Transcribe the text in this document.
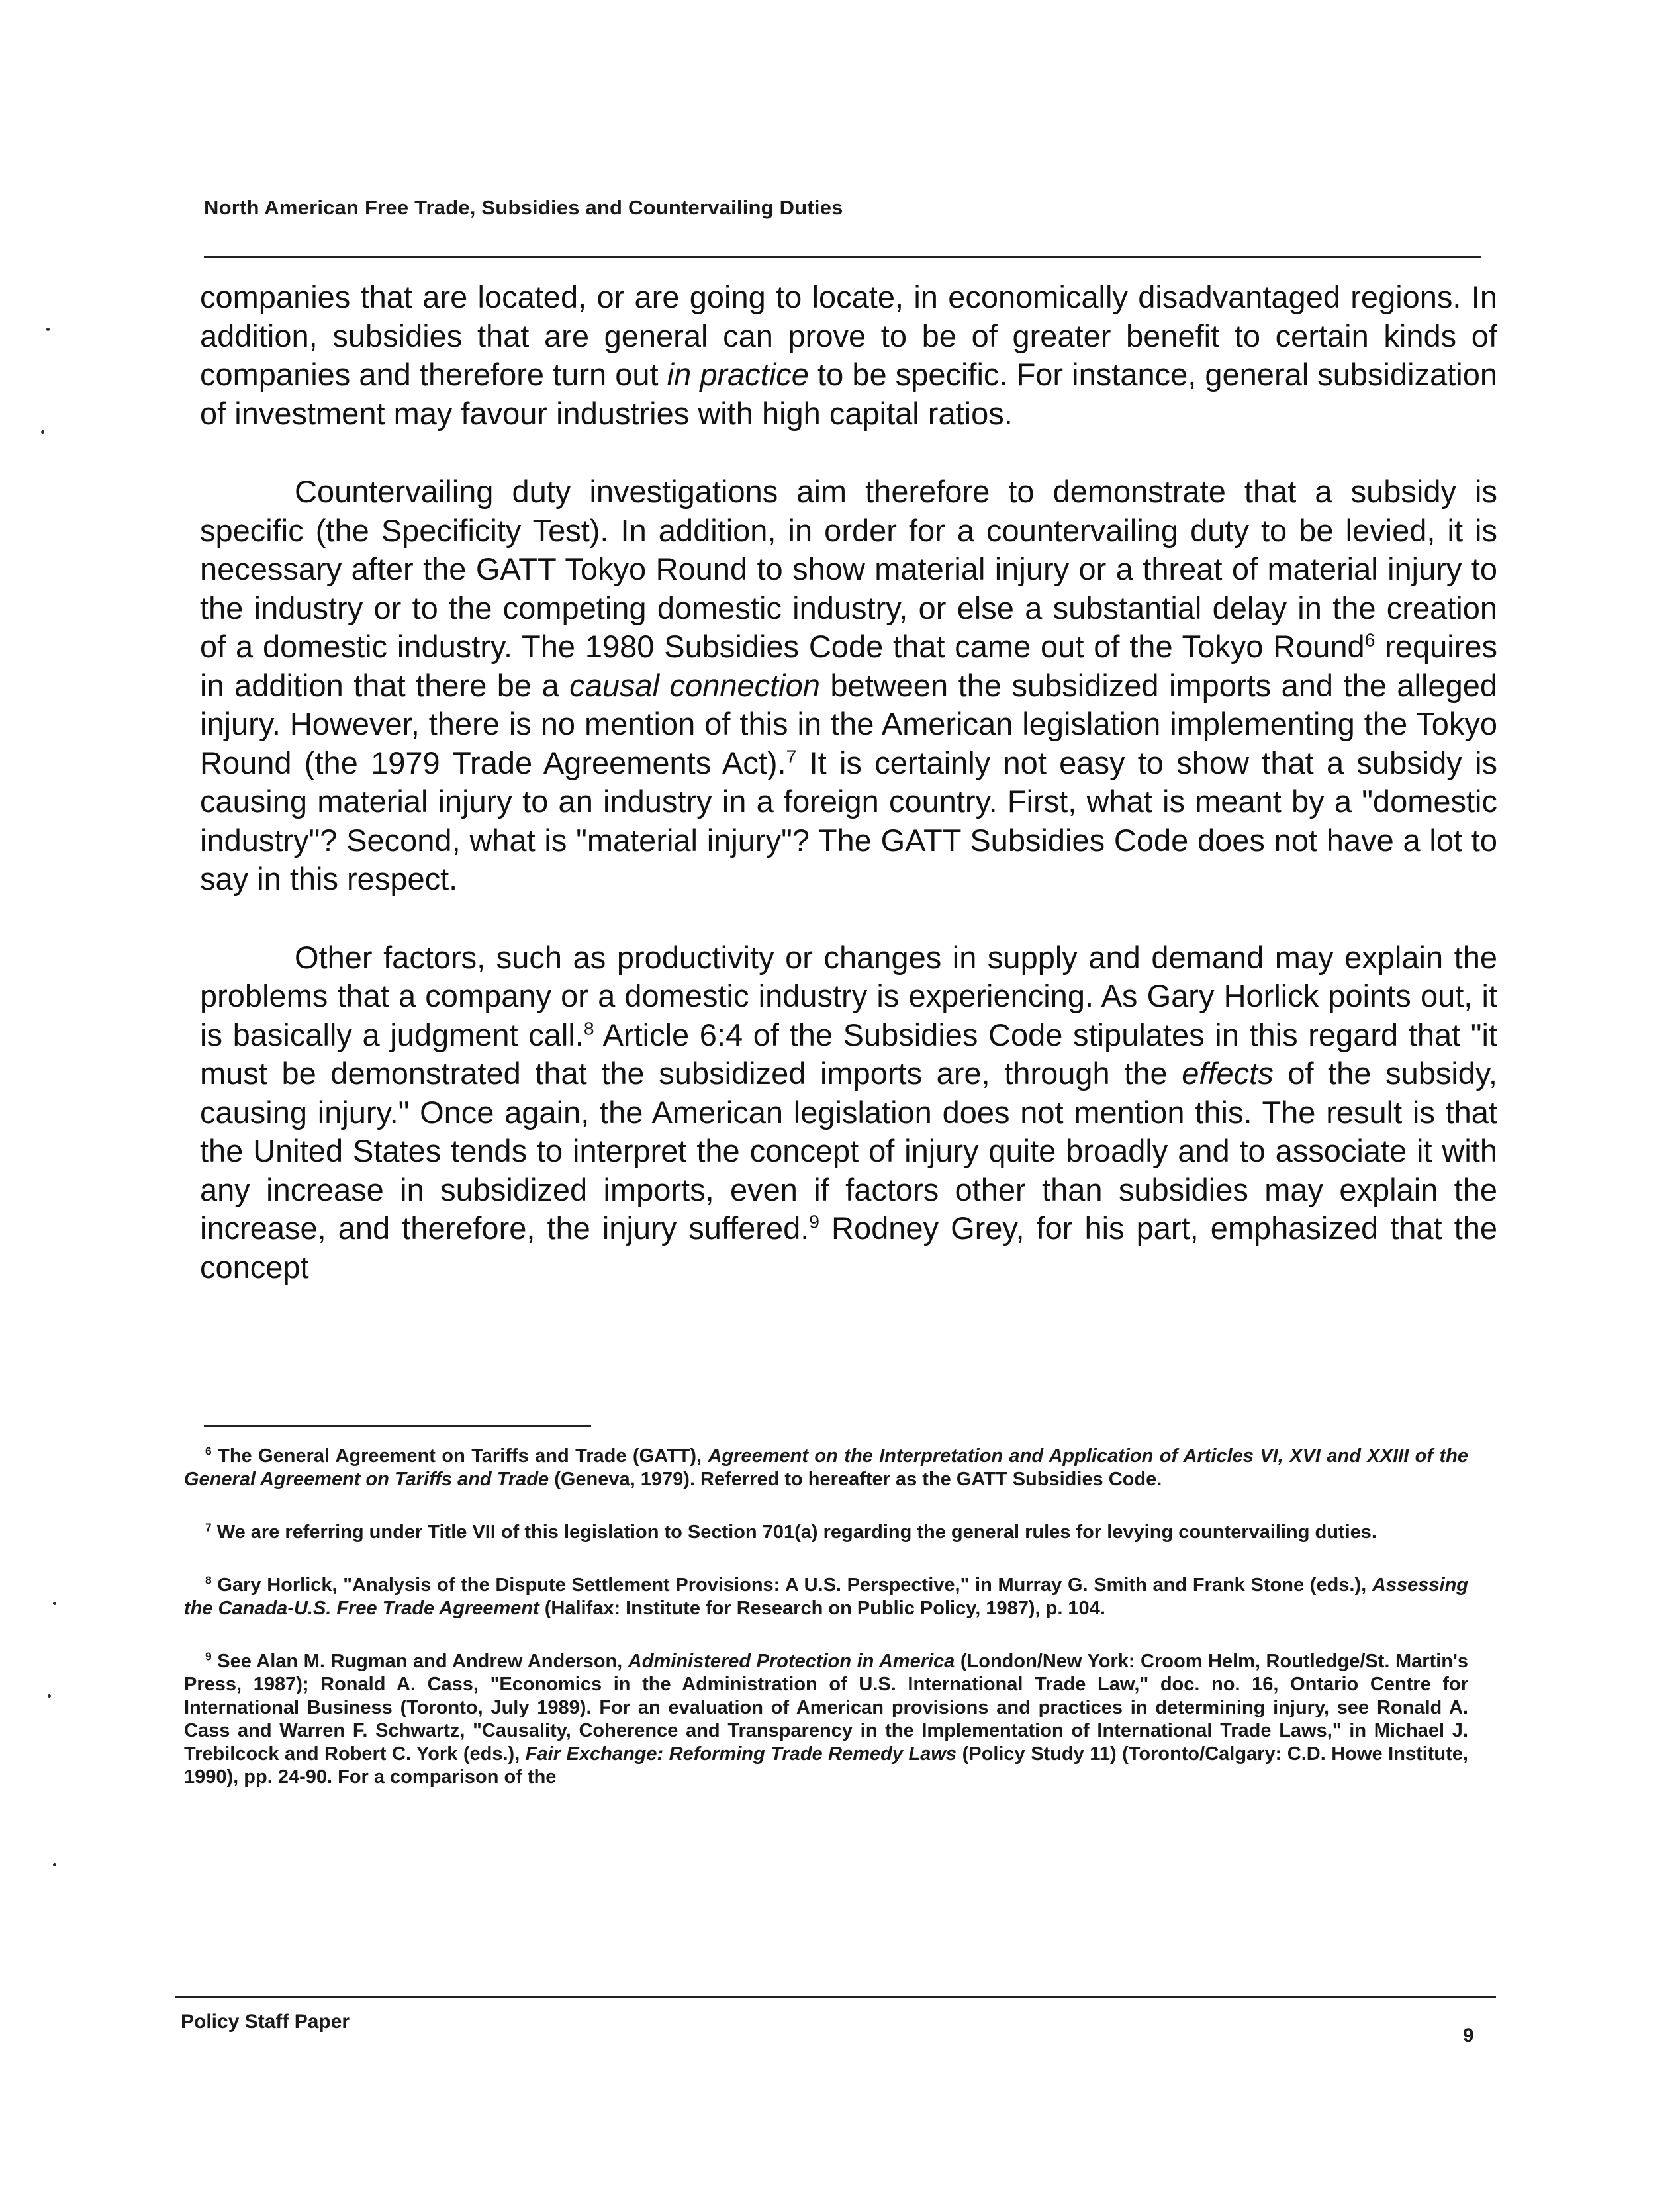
North American Free Trade, Subsidies and Countervailing Duties

companies that are located, or are going to locate, in economically disadvantaged regions. In addition, subsidies that are general can prove to be of greater benefit to certain kinds of companies and therefore turn out in practice to be specific. For instance, general subsidization of investment may favour industries with high capital ratios.

Countervailing duty investigations aim therefore to demonstrate that a subsidy is specific (the Specificity Test). In addition, in order for a countervailing duty to be levied, it is necessary after the GATT Tokyo Round to show material injury or a threat of material injury to the industry or to the competing domestic industry, or else a substantial delay in the creation of a domestic industry. The 1980 Subsidies Code that came out of the Tokyo Round$^6$ requires in addition that there be a causal connection between the subsidized imports and the alleged injury. However, there is no mention of this in the American legislation implementing the Tokyo Round (the 1979 Trade Agreements Act).$^7$ It is certainly not easy to show that a subsidy is causing material injury to an industry in a foreign country. First, what is meant by a "domestic industry"? Second, what is "material injury"? The GATT Subsidies Code does not have a lot to say in this respect.

Other factors, such as productivity or changes in supply and demand may explain the problems that a company or a domestic industry is experiencing. As Gary Horlick points out, it is basically a judgment call.$^8$ Article 6:4 of the Subsidies Code stipulates in this regard that "it must be demonstrated that the subsidized imports are, through the effects of the subsidy, causing injury." Once again, the American legislation does not mention this. The result is that the United States tends to interpret the concept of injury quite broadly and to associate it with any increase in subsidized imports, even if factors other than subsidies may explain the increase, and therefore, the injury suffered.$^9$ Rodney Grey, for his part, emphasized that the concept

$^6$ The General Agreement on Tariffs and Trade (GATT), Agreement on the Interpretation and Application of Articles VI, XVI and XXIII of the General Agreement on Tariffs and Trade (Geneva, 1979). Referred to hereafter as the GATT Subsidies Code.

$^7$ We are referring under Title VII of this legislation to Section 701(a) regarding the general rules for levying countervailing duties.

$^8$ Gary Horlick, "Analysis of the Dispute Settlement Provisions: A U.S. Perspective," in Murray G. Smith and Frank Stone (eds.), Assessing the Canada-U.S. Free Trade Agreement (Halifax: Institute for Research on Public Policy, 1987), p. 104.

$^9$ See Alan M. Rugman and Andrew Anderson, Administered Protection in America (London/New York: Croom Helm, Routledge/St. Martin's Press, 1987); Ronald A. Cass, "Economics in the Administration of U.S. International Trade Law," doc. no. 16, Ontario Centre for International Business (Toronto, July 1989). For an evaluation of American provisions and practices in determining injury, see Ronald A. Cass and Warren F. Schwartz, "Causality, Coherence and Transparency in the Implementation of International Trade Laws," in Michael J. Trebilcock and Robert C. York (eds.), Fair Exchange: Reforming Trade Remedy Laws (Policy Study 11) (Toronto/Calgary: C.D. Howe Institute, 1990), pp. 24-90. For a comparison of the

Policy Staff Paper
9
